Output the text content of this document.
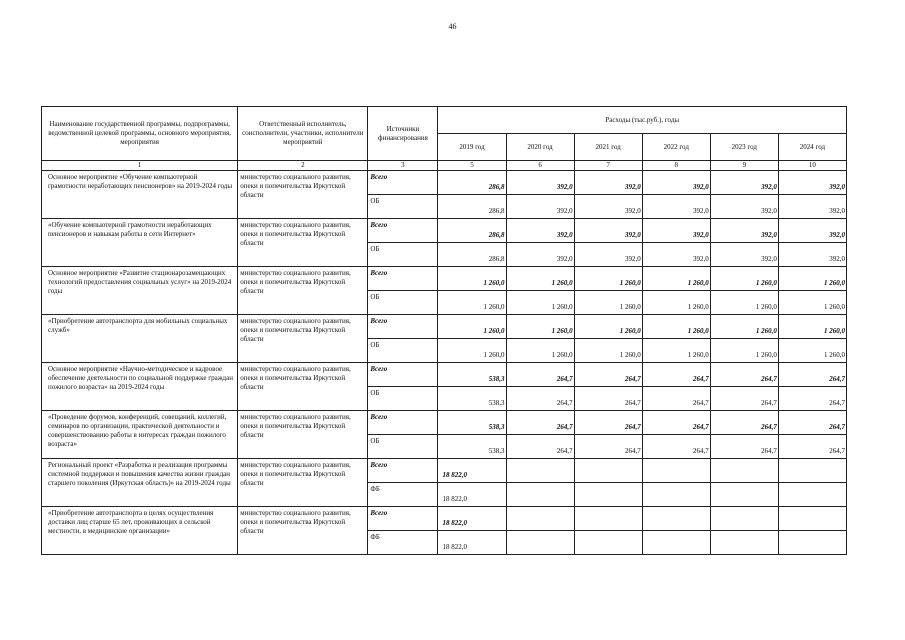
46
Наименование государственной программы, подпрограммы, ведомственной целевой программы, основного мероприятия, мероприятия	Ответственный исполнитель, соисполнители, участники, исполнители мероприятий	Источники финансирования	Расходы (тыс.руб.), годы					
			2019 год	2020 год	2021 год	2022 год	2023 год	2024 год
1	2	3	5	6	7	8	9	10
Основное мероприятие «Обучение компьютерной грамотности неработающих пенсионеров» на 2019-2024 годы	министерство социального развития, опеки и попечительства Иркутской области	Всего	286,8	392,0	392,0	392,0	392,0	392,0
		ОБ	286,8	392,0	392,0	392,0	392,0	392,0
«Обучение компьютерной грамотности неработающих пенсионеров и навыкам работы в сети Интернет»	министерство социального развития, опеки и попечительства Иркутской области	Всего	286,8	392,0	392,0	392,0	392,0	392,0
		ОБ	286,8	392,0	392,0	392,0	392,0	392,0
Основное мероприятие «Развитие стационарозамещающих технологий предоставления социальных услуг» на 2019-2024 годы	министерство социального развития, опеки и попечительства Иркутской области	Всего	1 260,0	1 260,0	1 260,0	1 260,0	1 260,0	1 260,0
		ОБ	1 260,0	1 260,0	1 260,0	1 260,0	1 260,0	1 260,0
«Приобретение автотранспорта для мобильных социальных служб»	министерство социального развития, опеки и попечительства Иркутской области	Всего	1 260,0	1 260,0	1 260,0	1 260,0	1 260,0	1 260,0
		ОБ	1 260,0	1 260,0	1 260,0	1 260,0	1 260,0	1 260,0
Основное мероприятие «Научно-методическое и кадровое обеспечение деятельности по социальной поддержке граждан пожилого возраста» на 2019-2024 годы	министерство социального развития, опеки и попечительства Иркутской области	Всего	538,3	264,7	264,7	264,7	264,7	264,7
		ОБ	538,3	264,7	264,7	264,7	264,7	264,7
«Проведение форумов, конференций, совещаний, коллегий, семинаров по организации, практической деятельности и совершенствованию работы в интересах граждан пожилого возраста»	министерство социального развития, опеки и попечительства Иркутской области	Всего	538,3	264,7	264,7	264,7	264,7	264,7
		ОБ	538,3	264,7	264,7	264,7	264,7	264,7
Региональный проект «Разработка и реализация программы системной поддержки и повышения качества жизни граждан старшего поколения (Иркутская область)» на 2019-2024 годы	министерство социального развития, опеки и попечительства Иркутской области	Всего	18 822,0					
		ФБ	18 822,0					
«Приобретение автотранспорта в целях осуществления доставки лиц старше 65 лет, проживающих в сельской местности, в медицинские организации»	министерство социального развития, опеки и попечительства Иркутской области	Всего	18 822,0					
		ФБ	18 822,0					
